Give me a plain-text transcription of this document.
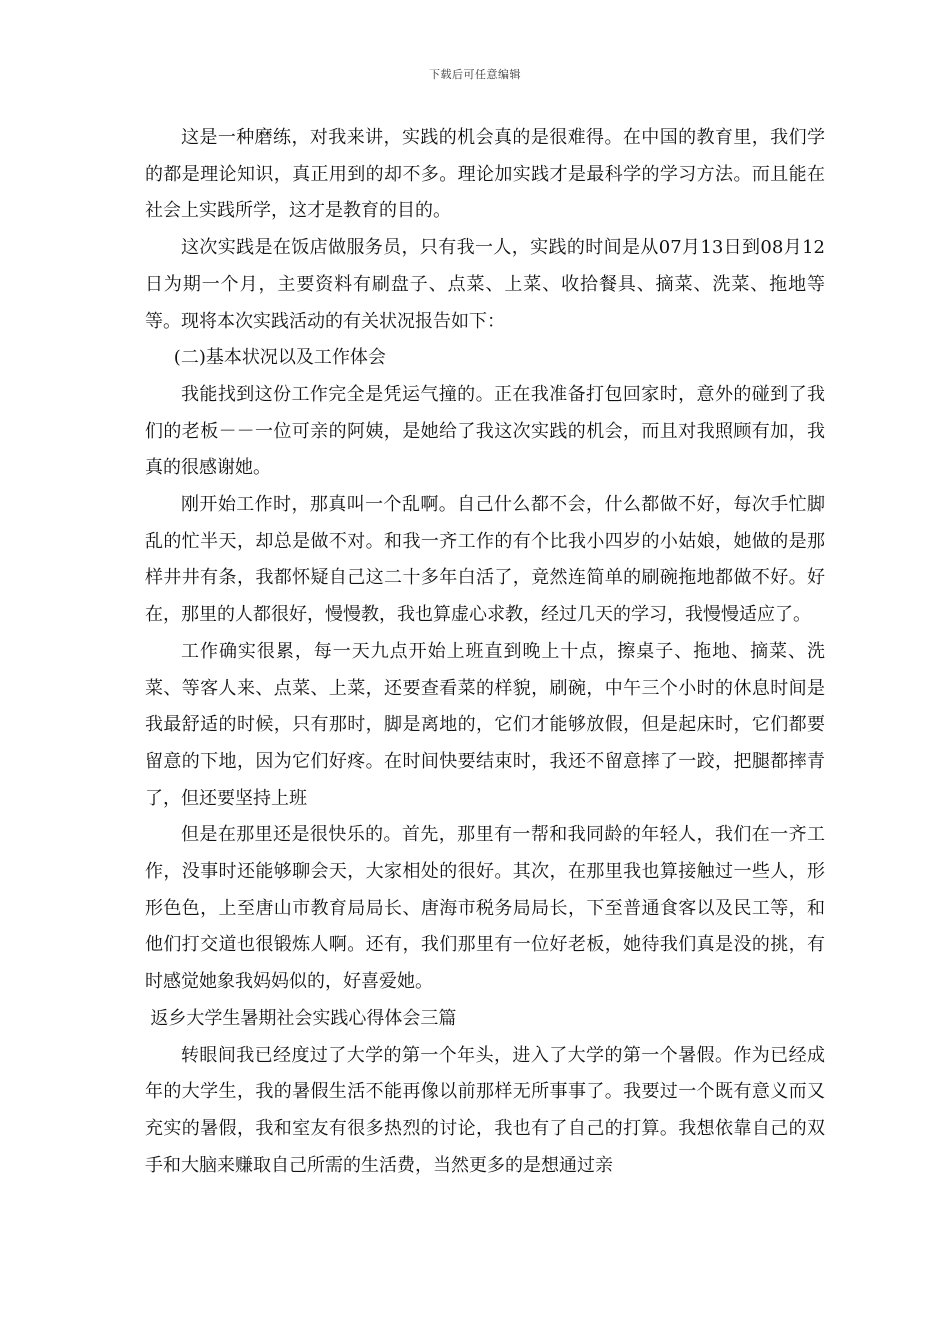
下载后可任意编辑

这是一种磨练，对我来讲，实践的机会真的是很难得。在中国的教育里，我们学的都是理论知识，真正用到的却不多。理论加实践才是最科学的学习方法。而且能在社会上实践所学，这才是教育的目的。

这次实践是在饭店做服务员，只有我一人，实践的时间是从07月13日到08月12日为期一个月，主要资料有刷盘子、点菜、上菜、收拾餐具、摘菜、洗菜、拖地等等。现将本次实践活动的有关状况报告如下：

(二)基本状况以及工作体会

我能找到这份工作完全是凭运气撞的。正在我准备打包回家时，意外的碰到了我们的老板－－一位可亲的阿姨，是她给了我这次实践的机会，而且对我照顾有加，我真的很感谢她。

刚开始工作时，那真叫一个乱啊。自己什么都不会，什么都做不好，每次手忙脚乱的忙半天，却总是做不对。和我一齐工作的有个比我小四岁的小姑娘，她做的是那样井井有条，我都怀疑自己这二十多年白活了，竟然连简单的刷碗拖地都做不好。好在，那里的人都很好，慢慢教，我也算虚心求教，经过几天的学习，我慢慢适应了。

工作确实很累，每一天九点开始上班直到晚上十点，擦桌子、拖地、摘菜、洗菜、等客人来、点菜、上菜，还要查看菜的样貌，刷碗，中午三个小时的休息时间是我最舒适的时候，只有那时，脚是离地的，它们才能够放假，但是起床时，它们都要留意的下地，因为它们好疼。在时间快要结束时，我还不留意摔了一跤，把腿都摔青了，但还要坚持上班

但是在那里还是很快乐的。首先，那里有一帮和我同龄的年轻人，我们在一齐工作，没事时还能够聊会天，大家相处的很好。其次，在那里我也算接触过一些人，形形色色，上至唐山市教育局局长、唐海市税务局局长，下至普通食客以及民工等，和他们打交道也很锻炼人啊。还有，我们那里有一位好老板，她待我们真是没的挑，有时感觉她象我妈妈似的，好喜爱她。

返乡大学生暑期社会实践心得体会三篇

转眼间我已经度过了大学的第一个年头，进入了大学的第一个暑假。作为已经成年的大学生，我的暑假生活不能再像以前那样无所事事了。我要过一个既有意义而又充实的暑假，我和室友有很多热烈的讨论，我也有了自己的打算。我想依靠自己的双手和大脑来赚取自己所需的生活费，当然更多的是想通过亲
